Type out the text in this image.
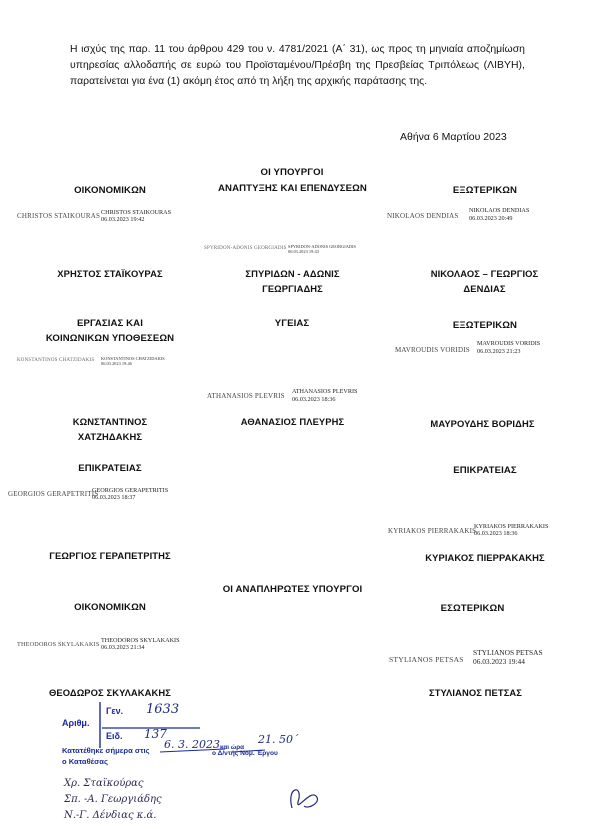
Η ισχύς της παρ. 11 του άρθρου 429 του ν. 4781/2021 (Α΄ 31), ως προς τη μηνιαία αποζημίωση υπηρεσίας αλλοδαπής σε ευρώ του Προϊσταμένου/Πρέσβη της Πρεσβείας Τριπόλεως (ΛΙΒΥΗ), παρατείνεται για ένα (1) ακόμη έτος από τη λήξη της αρχικής παράτασης της.
Αθήνα 6 Μαρτίου 2023
ΟΙ ΥΠΟΥΡΓΟΙ
ΟΙΚΟΝΟΜΙΚΩΝ	ΑΝΑΠΤΥΞΗΣ ΚΑΙ ΕΠΕΝΔΥΣΕΩΝ	ΕΞΩΤΕΡΙΚΩΝ
CHRISTOS STAIKOURAS CHRISTOS STAIKOURAS
06.03.2023 19:42
SPYRIDON-ADONIS GEORGIADIS SPYRIDON-ADONIS GEORGIADIS
06.03.2023 19:43
NIKOLAOS DENDIAS
NIKOLAOS DENDIAS
06.03.2023 20:49
ΧΡΗΣΤΟΣ ΣΤΑΪΚΟΥΡΑΣ	ΣΠΥΡΙΔΩΝ - ΑΔΩΝΙΣ
ΓΕΩΡΓΙΑΔΗΣ
ΝΙΚΟΛΑΟΣ – ΓΕΩΡΓΙΟΣ
ΔΕΝΔΙΑΣ
ΕΡΓΑΣΙΑΣ ΚΑΙ
ΚΟΙΝΩΝΙΚΩΝ ΥΠΟΘΕΣΕΩΝ
ΥΓΕΙΑΣ	ΕΞΩΤΕΡΙΚΩΝ
KONSTANTINOS CHATZIDAKIS KONSTANTINOS CHATZIDAKIS
06.03.2023 19:46
ATHANASIOS PLEVRIS
ATHANASIOS PLEVRIS
06.03.2023 18:36
MAVROUDIS VORIDIS
MAVROUDIS VORIDIS
06.03.2023 21:23
ΚΩΝΣΤΑΝΤΙΝΟΣ
ΧΑΤΖΗΔΑΚΗΣ
ΑΘΑΝΑΣΙΟΣ ΠΛΕΥΡΗΣ	ΜΑΥΡΟΥΔΗΣ ΒΟΡΙΔΗΣ
ΕΠΙΚΡΑΤΕΙΑΣ	ΕΠΙΚΡΑΤΕΙΑΣ
GEORGIOS GERAPETRITIS
GEORGIOS GERAPETRITIS
06.03.2023 18:37
KYRIAKOS PIERRAKAKIS
KYRIAKOS PIERRAKAKIS
06.03.2023 18:36
ΓΕΩΡΓΙΟΣ ΓΕΡΑΠΕΤΡΙΤΗΣ	ΚΥΡΙΑΚΟΣ ΠΙΕΡΡΑΚΑΚΗΣ
ΟΙ ΑΝΑΠΛΗΡΩΤΕΣ ΥΠΟΥΡΓΟΙ
ΟΙΚΟΝΟΜΙΚΩΝ	ΕΣΩΤΕΡΙΚΩΝ
THEODOROS SKYLAKAKIS
THEODOROS SKYLAKAKIS
06.03.2023 21:34
STYLIANOS PETSAS
STYLIANOS PETSAS
06.03.2023 19:44
ΘΕΟΔΩΡΟΣ ΣΚΥΛΑΚΑΚΗΣ	ΣΤΥΛΙΑΝΟΣ ΠΕΤΣΑΣ
Αριθμ.
Γεν. 1633
Ειδ. 137
Κατατέθηκε σήμερα στις 6. 3. 2023 και ώρα
21. 50΄
ο Καταθέσας
ο Δ/ντής Νομ. Έργου
Χρ. Σταϊκούρας
Σπ. -Α. Γεωργιάδης
Ν.-Γ. Δένδιας κ.ά.
